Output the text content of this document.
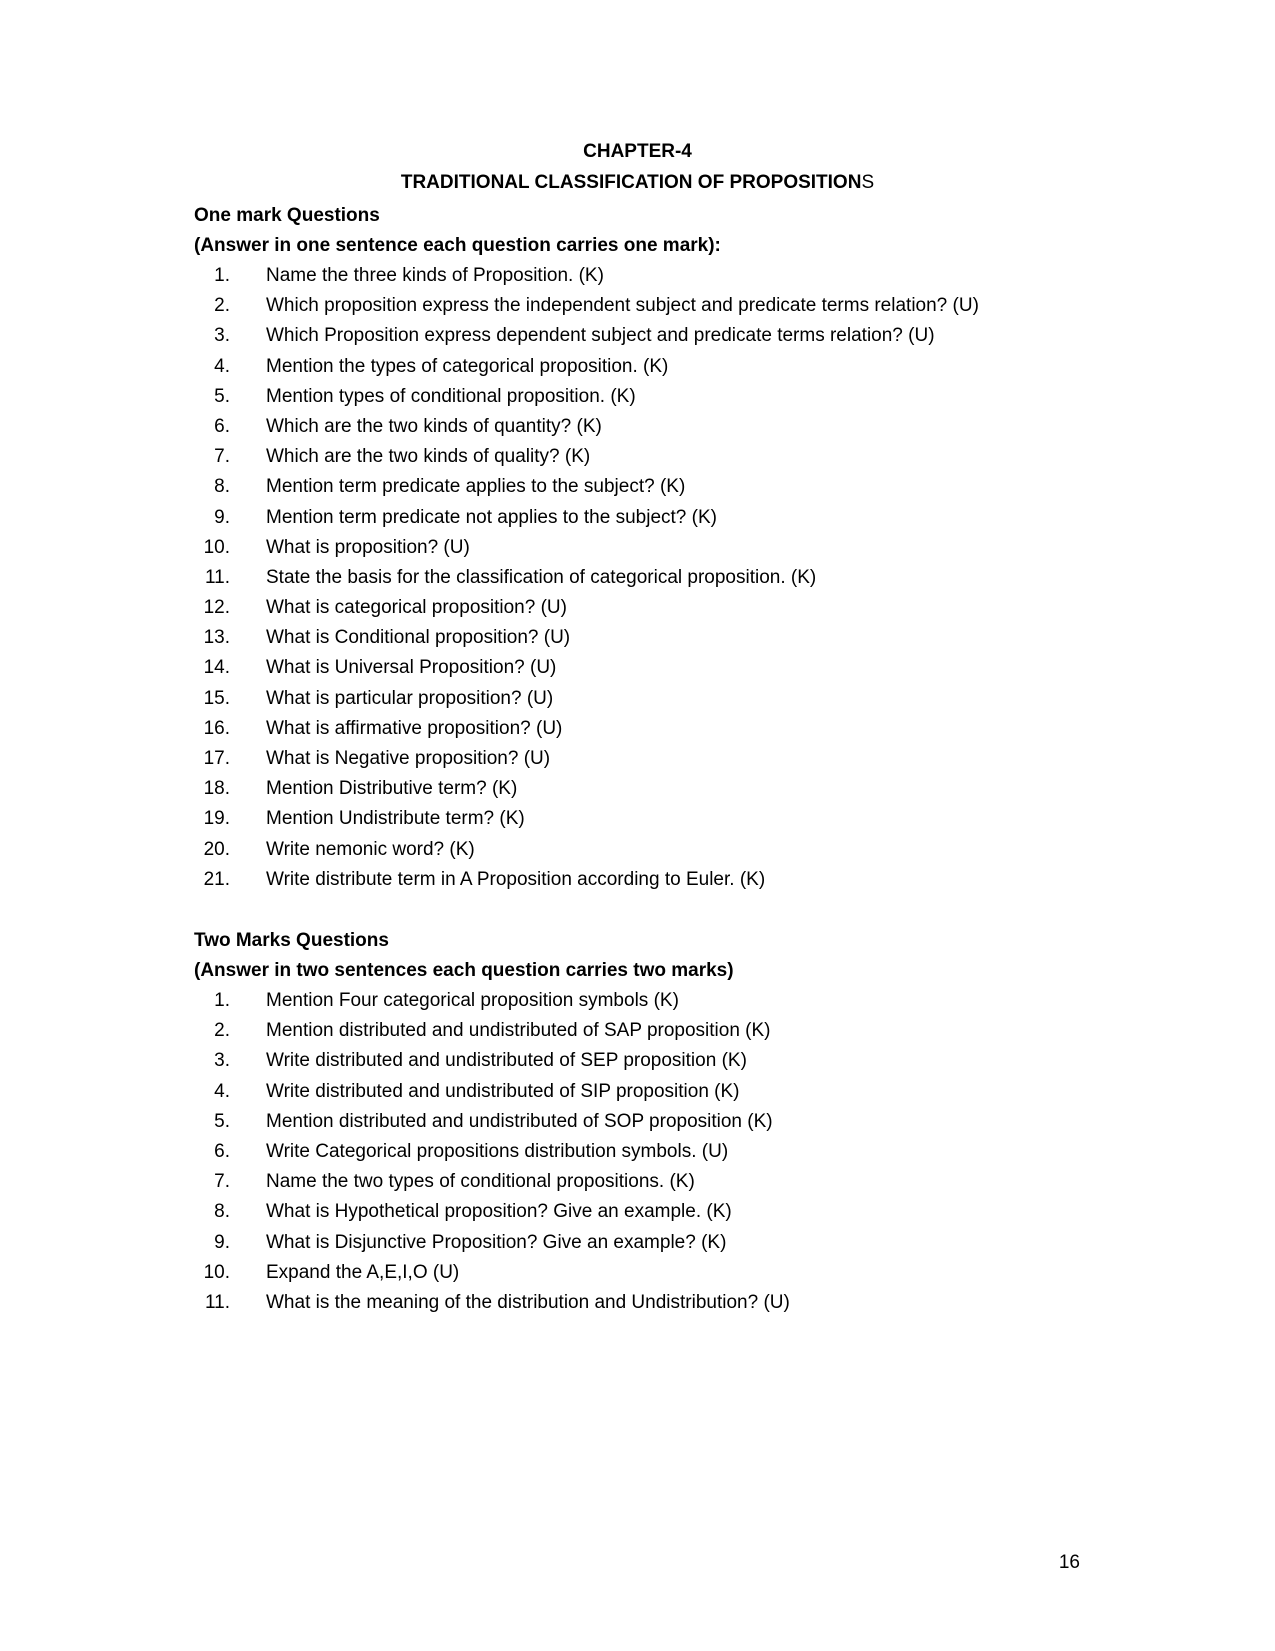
CHAPTER-4
TRADITIONAL CLASSIFICATION OF PROPOSITIONS

One mark Questions

(Answer in one sentence each question carries one mark):

1. Name the three kinds of Proposition. (K)
2. Which proposition express the independent subject and predicate terms relation? (U)
3. Which Proposition express dependent subject and predicate terms relation? (U)
4. Mention the types of categorical proposition. (K)
5. Mention types of conditional proposition. (K)
6. Which are the two kinds of quantity? (K)
7. Which are the two kinds of quality? (K)
8. Mention term predicate applies to the subject? (K)
9. Mention term predicate not applies to the subject? (K)
10. What is proposition? (U)
11. State the basis for the classification of categorical proposition. (K)
12. What is categorical proposition? (U)
13. What is Conditional proposition? (U)
14. What is Universal Proposition? (U)
15. What is particular proposition? (U)
16. What is affirmative proposition? (U)
17. What is Negative proposition? (U)
18. Mention Distributive term? (K)
19. Mention Undistribute term? (K)
20. Write nemonic word? (K)
21. Write distribute term in A Proposition according to Euler. (K)

Two Marks Questions

(Answer in two sentences each question carries two marks)

1. Mention Four categorical proposition symbols (K)
2. Mention distributed and undistributed of SAP proposition (K)
3. Write distributed and undistributed of SEP proposition (K)
4. Write distributed and undistributed of SIP proposition (K)
5. Mention distributed and undistributed of SOP proposition (K)
6. Write Categorical propositions distribution symbols. (U)
7. Name the two types of conditional propositions. (K)
8. What is Hypothetical proposition? Give an example. (K)
9. What is Disjunctive Proposition? Give an example? (K)
10. Expand the A,E,I,O (U)
11. What is the meaning of the distribution and Undistribution? (U)
16
